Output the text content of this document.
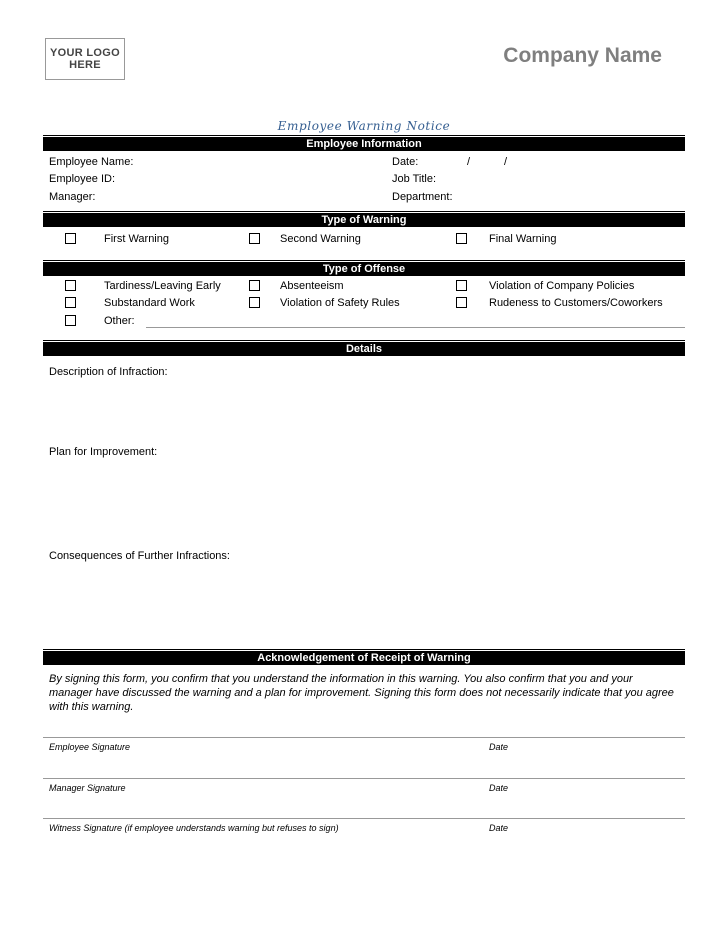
YOUR LOGO
HERE	Company Name
Employee Warning Notice
Employee Information
Employee Name:	Date:	/	/
Employee ID:	Job Title:
Manager:	Department:
Type of Warning
First Warning	Second Warning	Final Warning
Type of Offense
Tardiness/Leaving Early	Absenteeism	Violation of Company Policies
Substandard Work	Violation of Safety Rules	Rudeness to Customers/Coworkers
Other:
Details
Description of Infraction:
Plan for Improvement:
Consequences of Further Infractions:
Acknowledgement of Receipt of Warning
By signing this form, you confirm that you understand the information in this warning. You also confirm that you and your manager have discussed the warning and a plan for improvement. Signing this form does not necessarily indicate that you agree with this warning.
Employee Signature	Date
Manager Signature	Date
Witness Signature (if employee understands warning but refuses to sign)	Date
